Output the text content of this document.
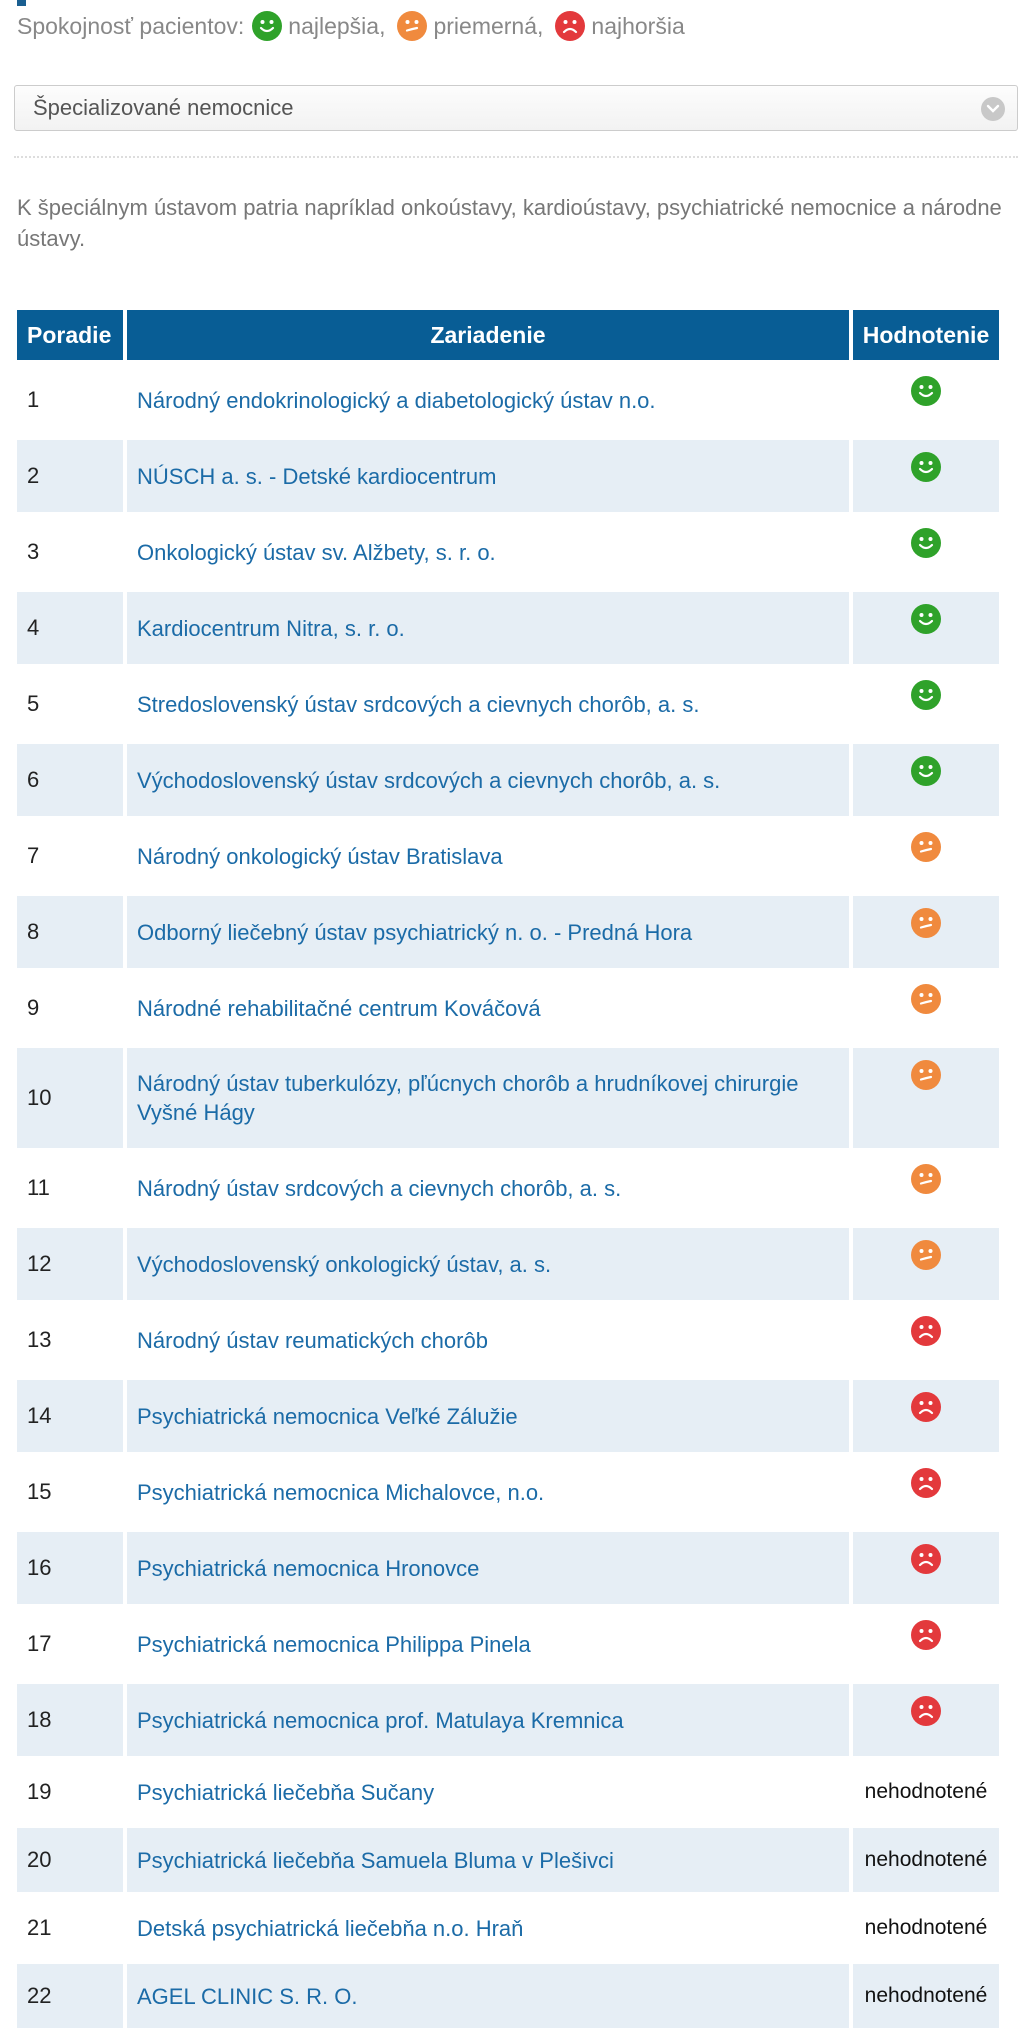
Spokojnosť pacientov: najlepšia, priemerná, najhoršia
Špecializované nemocnice
K špeciálnym ústavom patria napríklad onkoústavy, kardioústavy, psychiatrické nemocnice a národne ústavy.
Poradie	Zariadenie	Hodnotenie
1	Národný endokrinologický a diabetologický ústav n.o.	

2	NÚSCH a. s. - Detské kardiocentrum	

3	Onkologický ústav sv. Alžbety, s. r. o.	

4	Kardiocentrum Nitra, s. r. o.	

5	Stredoslovenský ústav srdcových a cievnych chorôb, a. s.	

6	Východoslovenský ústav srdcových a cievnych chorôb, a. s.	

7	Národný onkologický ústav Bratislava	

8	Odborný liečebný ústav psychiatrický n. o. - Predná Hora	

9	Národné rehabilitačné centrum Kováčová	

10	Národný ústav tuberkulózy, pľúcnych chorôb a hrudníkovej chirurgie Vyšné Hágy	

11	Národný ústav srdcových a cievnych chorôb, a. s.	

12	Východoslovenský onkologický ústav, a. s.	

13	Národný ústav reumatických chorôb	

14	Psychiatrická nemocnica Veľké Zálužie	

15	Psychiatrická nemocnica Michalovce, n.o.	

16	Psychiatrická nemocnica Hronovce	

17	Psychiatrická nemocnica Philippa Pinela	

18	Psychiatrická nemocnica prof. Matulaya Kremnica	

19	Psychiatrická liečebňa Sučany	nehodnotené
20	Psychiatrická liečebňa Samuela Bluma v Plešivci	nehodnotené
21	Detská psychiatrická liečebňa n.o. Hraň	nehodnotené
22	AGEL CLINIC S. R. O.	nehodnotené
